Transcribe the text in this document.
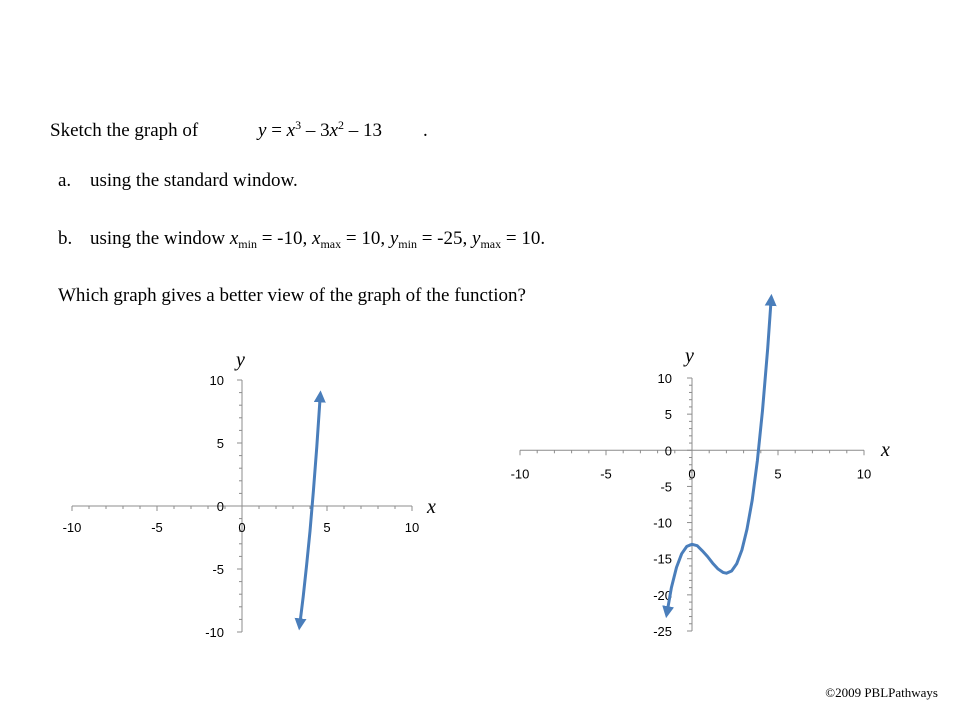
Sketch the graph of	$y = x^3 - 3x^2 - 13$ .
a. using the standard window.
b. using the window $x_{min} = -10$, $x_{max} = 10$, $y_{min} = -25$, $y_{max} = 10$.
Which graph gives a better view of the graph of the function?
-10	-5	0	5	10
10
5
0
-5
-10
y
x
-10	-5	0	5	10
10
5
0
-5
-10
-15
-20
-25
y
x
©2009 PBLPathways
